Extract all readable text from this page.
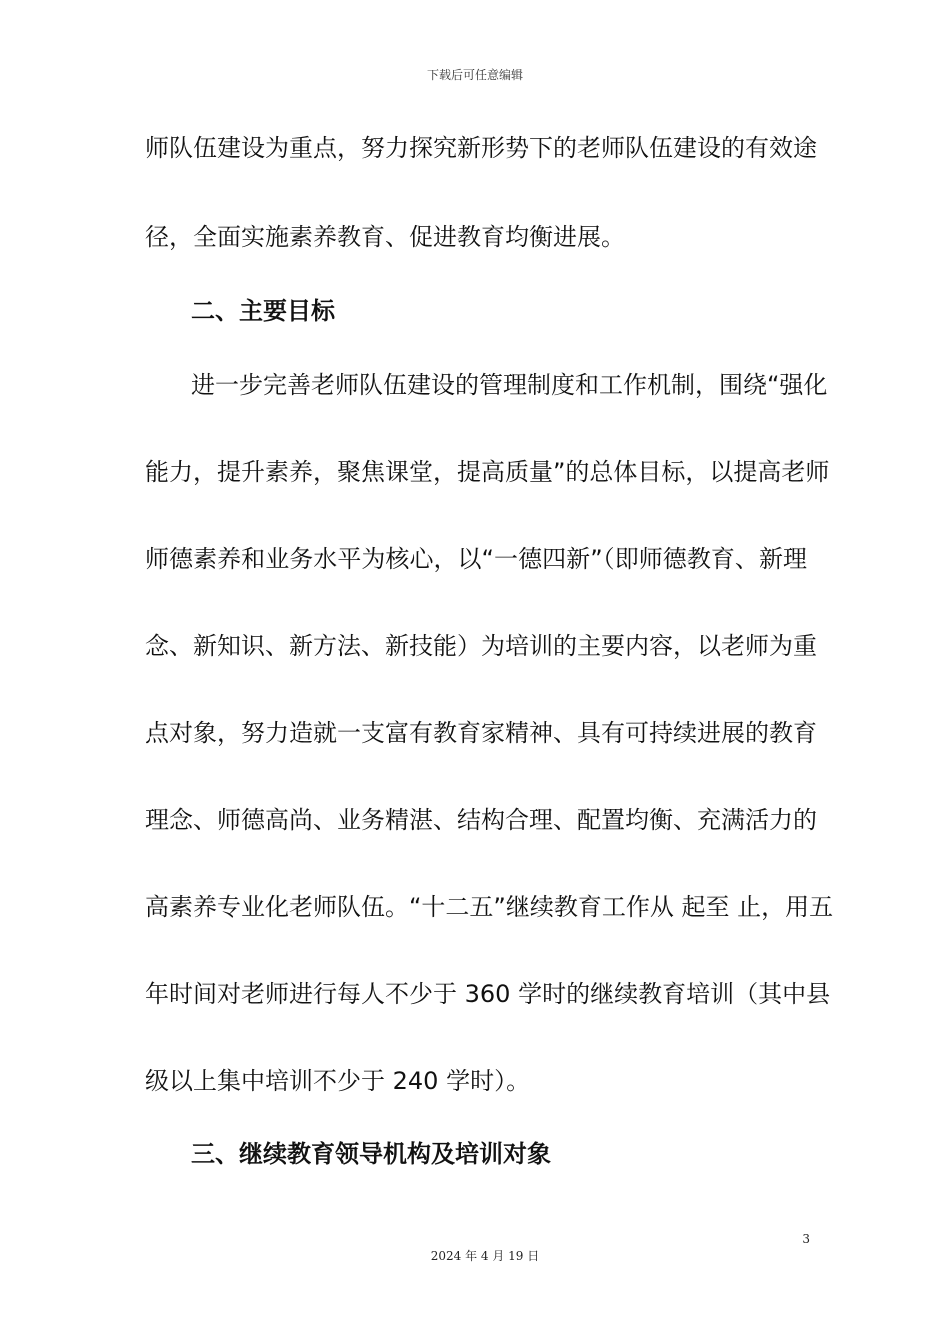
下载后可任意编辑
师队伍建设为重点，努力探究新形势下的老师队伍建设的有效途
径，全面实施素养教育、促进教育均衡进展。
二、主要目标
进一步完善老师队伍建设的管理制度和工作机制，围绕“强化
能力，提升素养，聚焦课堂，提高质量”的总体目标，以提高老师
师德素养和业务水平为核心，以“一德四新”（即师德教育、新理
念、新知识、新方法、新技能）为培训的主要内容，以老师为重
点对象，努力造就一支富有教育家精神、具有可持续进展的教育
理念、师德高尚、业务精湛、结构合理、配置均衡、充满活力的
高素养专业化老师队伍。“十二五”继续教育工作从 起至 止，用五
年时间对老师进行每人不少于 360 学时的继续教育培训（其中县
级以上集中培训不少于 240 学时）。
三、继续教育领导机构及培训对象
3
2024 年 4 月 19 日
